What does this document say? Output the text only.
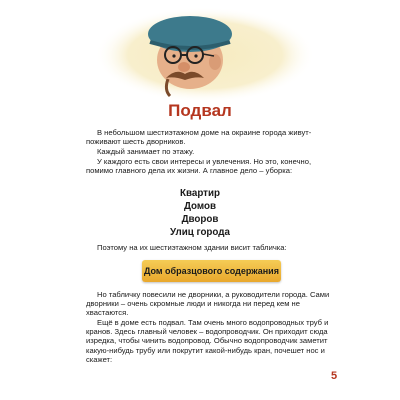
Подвал

В небольшом шестиэтажном доме на окраине города живут-поживают шесть дворников.

Каждый занимает по этажу.

У каждого есть свои интересы и увлечения. Но это, конечно, помимо главного дела их жизни. А главное дело – уборка:

Квартир
Домов
Дворов
Улиц города

Поэтому на их шестиэтажном здании висит табличка:

Дом образцового содержания

Но табличку повесили не дворники, а руководители города. Сами дворники – очень скромные люди и никогда ни перед кем не хвастаются.

Ещё в доме есть подвал. Там очень много водопроводных труб и кранов. Здесь главный человек – водопроводчик. Он приходит сюда изредка, чтобы чинить водопровод. Обычно водопроводчик заметит какую-нибудь трубу или покрутит какой-нибудь кран, почешет нос и скажет:

5
